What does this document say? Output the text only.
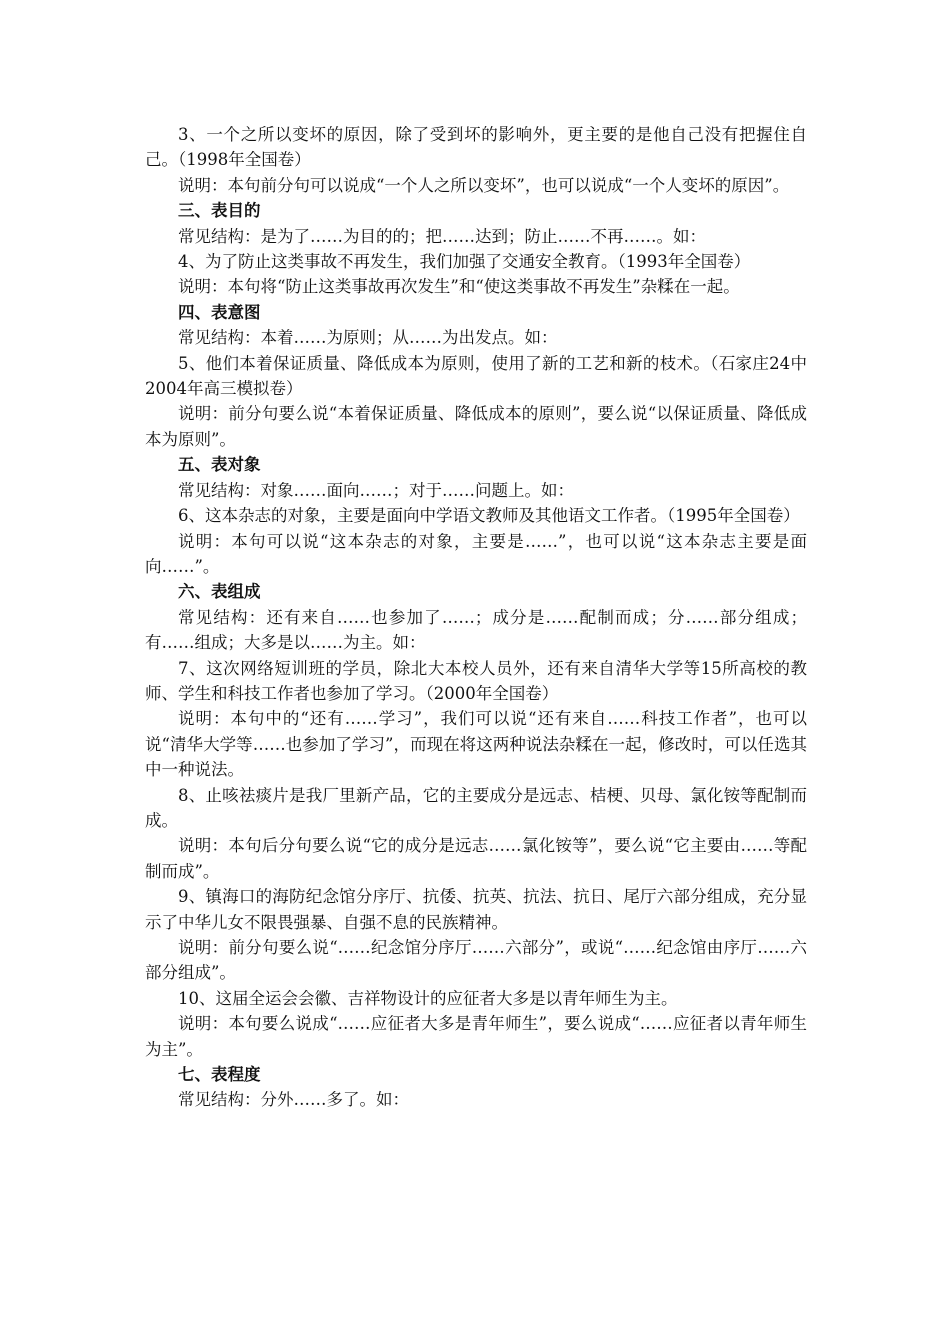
3、一个之所以变坏的原因，除了受到坏的影响外，更主要的是他自己没有把握住自己。（1998年全国卷）

说明：本句前分句可以说成“一个人之所以变坏”，也可以说成“一个人变坏的原因”。

三、表目的

常见结构：是为了……为目的的；把……达到；防止……不再……。如：

4、为了防止这类事故不再发生，我们加强了交通安全教育。（1993年全国卷）

说明：本句将“防止这类事故再次发生”和“使这类事故不再发生”杂糅在一起。

四、表意图

常见结构：本着……为原则；从……为出发点。如：

5、他们本着保证质量、降低成本为原则，使用了新的工艺和新的枝术。（石家庄24中2004年高三模拟卷）

说明：前分句要么说“本着保证质量、降低成本的原则”，要么说“以保证质量、降低成本为原则”。

五、表对象

常见结构：对象……面向……；对于……问题上。如：

6、这本杂志的对象，主要是面向中学语文教师及其他语文工作者。（1995年全国卷）

说明：本句可以说“这本杂志的对象，主要是……”，也可以说“这本杂志主要是面向……”。

六、表组成

常见结构：还有来自……也参加了……；成分是……配制而成；分……部分组成；有……组成；大多是以……为主。如：

7、这次网络短训班的学员，除北大本校人员外，还有来自清华大学等15所高校的教师、学生和科技工作者也参加了学习。（2000年全国卷）

说明：本句中的“还有……学习”，我们可以说“还有来自……科技工作者”，也可以说“清华大学等……也参加了学习”，而现在将这两种说法杂糅在一起，修改时，可以任选其中一种说法。

8、止咳祛痰片是我厂里新产品，它的主要成分是远志、桔梗、贝母、氯化铵等配制而成。

说明：本句后分句要么说“它的成分是远志……氯化铵等”，要么说“它主要由……等配制而成”。

9、镇海口的海防纪念馆分序厅、抗倭、抗英、抗法、抗日、尾厅六部分组成，充分显示了中华儿女不限畏强暴、自强不息的民族精神。

说明：前分句要么说“……纪念馆分序厅……六部分”，或说“……纪念馆由序厅……六部分组成”。

10、这届全运会会徽、吉祥物设计的应征者大多是以青年师生为主。

说明：本句要么说成“……应征者大多是青年师生”，要么说成“……应征者以青年师生为主”。

七、表程度

常见结构：分外……多了。如：
